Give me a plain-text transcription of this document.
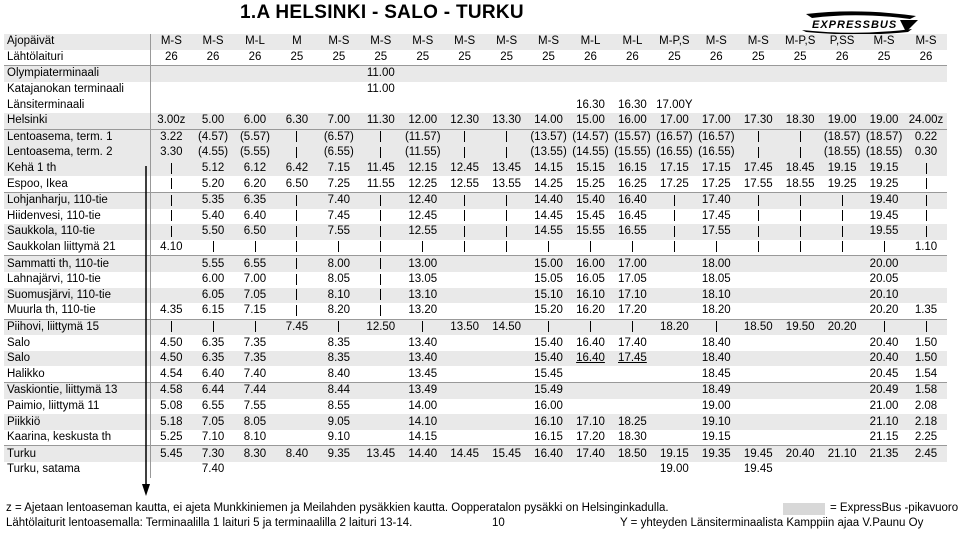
1.A HELSINKI - SALO - TURKU
EXPRESSBUS
Ajopäivät	M-S	M-S	M-L	M	M-S	M-S	M-S	M-S	M-S	M-S	M-L	M-L	M-P,S	M-S	M-S	M-P,S	P,SS	M-S	M-S
Lähtölaituri	26	26	26	25	25	25	25	25	25	25	26	26	25	26	25	25	26	25	26
Olympiaterminaali						11.00													
Katajanokan terminaali						11.00													
Länsiterminaali											16.30	16.30	17.00Y						
Helsinki	3.00z	5.00	6.00	6.30	7.00	11.30	12.00	12.30	13.30	14.00	15.00	16.00	17.00	17.00	17.30	18.30	19.00	19.00	24.00z
Lentoasema, term. 1	3.22	(4.57)	(5.57)		(6.57)		(11.57)			(13.57)	(14.57)	(15.57)	(16.57)	(16.57)			(18.57)	(18.57)	0.22
Lentoasema, term. 2	3.30	(4.55)	(5.55)		(6.55)		(11.55)			(13.55)	(14.55)	(15.55)	(16.55)	(16.55)			(18.55)	(18.55)	0.30
Kehä 1 th		5.12	6.12	6.42	7.15	11.45	12.15	12.45	13.45	14.15	15.15	16.15	17.15	17.15	17.45	18.45	19.15	19.15	
Espoo, Ikea		5.20	6.20	6.50	7.25	11.55	12.25	12.55	13.55	14.25	15.25	16.25	17.25	17.25	17.55	18.55	19.25	19.25	
Lohjanharju, 110-tie		5.35	6.35		7.40		12.40			14.40	15.40	16.40		17.40				19.40	
Hiidenvesi, 110-tie		5.40	6.40		7.45		12.45			14.45	15.45	16.45		17.45				19.45	
Saukkola, 110-tie		5.50	6.50		7.55		12.55			14.55	15.55	16.55		17.55				19.55	
Saukkolan liittymä 21	4.10																		1.10
Sammatti th, 110-tie		5.55	6.55		8.00		13.00			15.00	16.00	17.00		18.00				20.00	
Lahnajärvi, 110-tie		6.00	7.00		8.05		13.05			15.05	16.05	17.05		18.05				20.05	
Suomusjärvi, 110-tie		6.05	7.05		8.10		13.10			15.10	16.10	17.10		18.10				20.10	
Muurla th, 110-tie	4.35	6.15	7.15		8.20		13.20			15.20	16.20	17.20		18.20				20.20	1.35
Piihovi, liittymä 15				7.45		12.50		13.50	14.50				18.20		18.50	19.50	20.20		
Salo	4.50	6.35	7.35		8.35		13.40			15.40	16.40	17.40		18.40				20.40	1.50
Salo	4.50	6.35	7.35		8.35		13.40			15.40	16.40	17.45		18.40				20.40	1.50
Halikko	4.54	6.40	7.40		8.40		13.45			15.45				18.45				20.45	1.54
Vaskiontie, liittymä 13	4.58	6.44	7.44		8.44		13.49			15.49				18.49				20.49	1.58
Paimio, liittymä 11	5.08	6.55	7.55		8.55		14.00			16.00				19.00				21.00	2.08
Piikkiö	5.18	7.05	8.05		9.05		14.10			16.10	17.10	18.25		19.10				21.10	2.18
Kaarina, keskusta th	5.25	7.10	8.10		9.10		14.15			16.15	17.20	18.30		19.15				21.15	2.25
Turku	5.45	7.30	8.30	8.40	9.35	13.45	14.40	14.45	15.45	16.40	17.40	18.50	19.15	19.35	19.45	20.40	21.10	21.35	2.45
Turku, satama		7.40											19.00		19.45				
z = Ajetaan lentoaseman kautta, ei ajeta Munkkiniemen ja Meilahden pysäkkien kautta. Oopperatalon pysäkki on Helsinginkadulla.
Lähtölaiturit lentoasemalla: Terminaalilla 1 laituri 5 ja terminaalilla 2 laituri 13-14.	10
= ExpressBus -pikavuoro
Y = yhteyden Länsiterminaalista Kamppiin ajaa V.Paunu Oy
